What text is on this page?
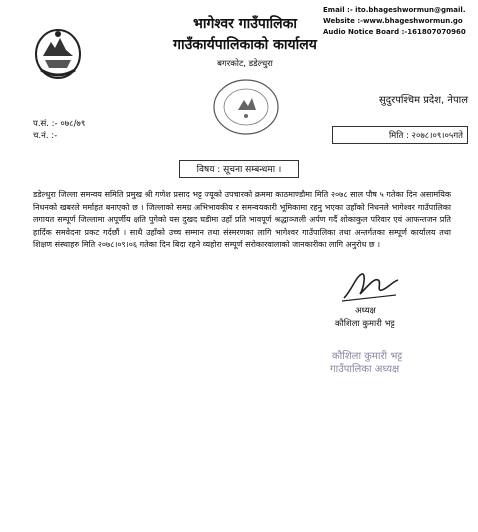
भागेश्वर गाउँपालिका
गाउँकार्यपालिकाको कार्यालय
बगरकोट, डडेल्धुरा
Email :- ito.bhageshwormun@gmail.
Website :-www.bhageshwormun.go
Audio Notice Board :-161807070960
सुदुरपश्चिम प्रदेश, नेपाल
प.सं. :- ०७८/७९
च.नं. :-	मिति : २०७८।०९।०५गते
विषय : सूचना सम्बन्धमा ।
डडेल्धुरा जिल्ला समन्वय समिति प्रमुख श्री गणेश प्रसाद भट्ट ज्यूको उपचारको क्रममा काठमाण्डौमा मिति २०७८ साल पौष ५ गतेका दिन असामयिक निधनको खबरले मर्माहत बनाएको छ । जिल्लाको समग्र अभिभावकीय र समन्वयकारी भूमिकामा रहनु भएका उहाँको निधनले भागेश्वर गाउँपालिका लगायत सम्पूर्ण जिल्लामा अपूर्णीय क्षति पुगेको यस दुखद घडीमा उहाँ प्रति भावपूर्ण श्रद्धाञ्जली अर्पण गर्दै शोकाकुल परिवार एवं आफन्तजन प्रति हार्दिक समवेदना प्रकट गर्दछौं । साथै उहाँको उच्च सम्मान तथा संस्मरणका लागि भागेश्वर गाउँपालिका तथा अन्तर्गतका सम्पूर्ण कार्यालय तथा शिक्षण संस्थाहरु मिति २०७८।०९।०६ गतेका दिन बिदा रहने व्यहोरा सम्पूर्ण सरोकारवालाको जानकारीका लागि अनुरोध छ ।
अध्यक्ष
कौशिला कुमारी भट्ट
कौशिला कुमारी भट्ट
गाउँपालिका अध्यक्ष
